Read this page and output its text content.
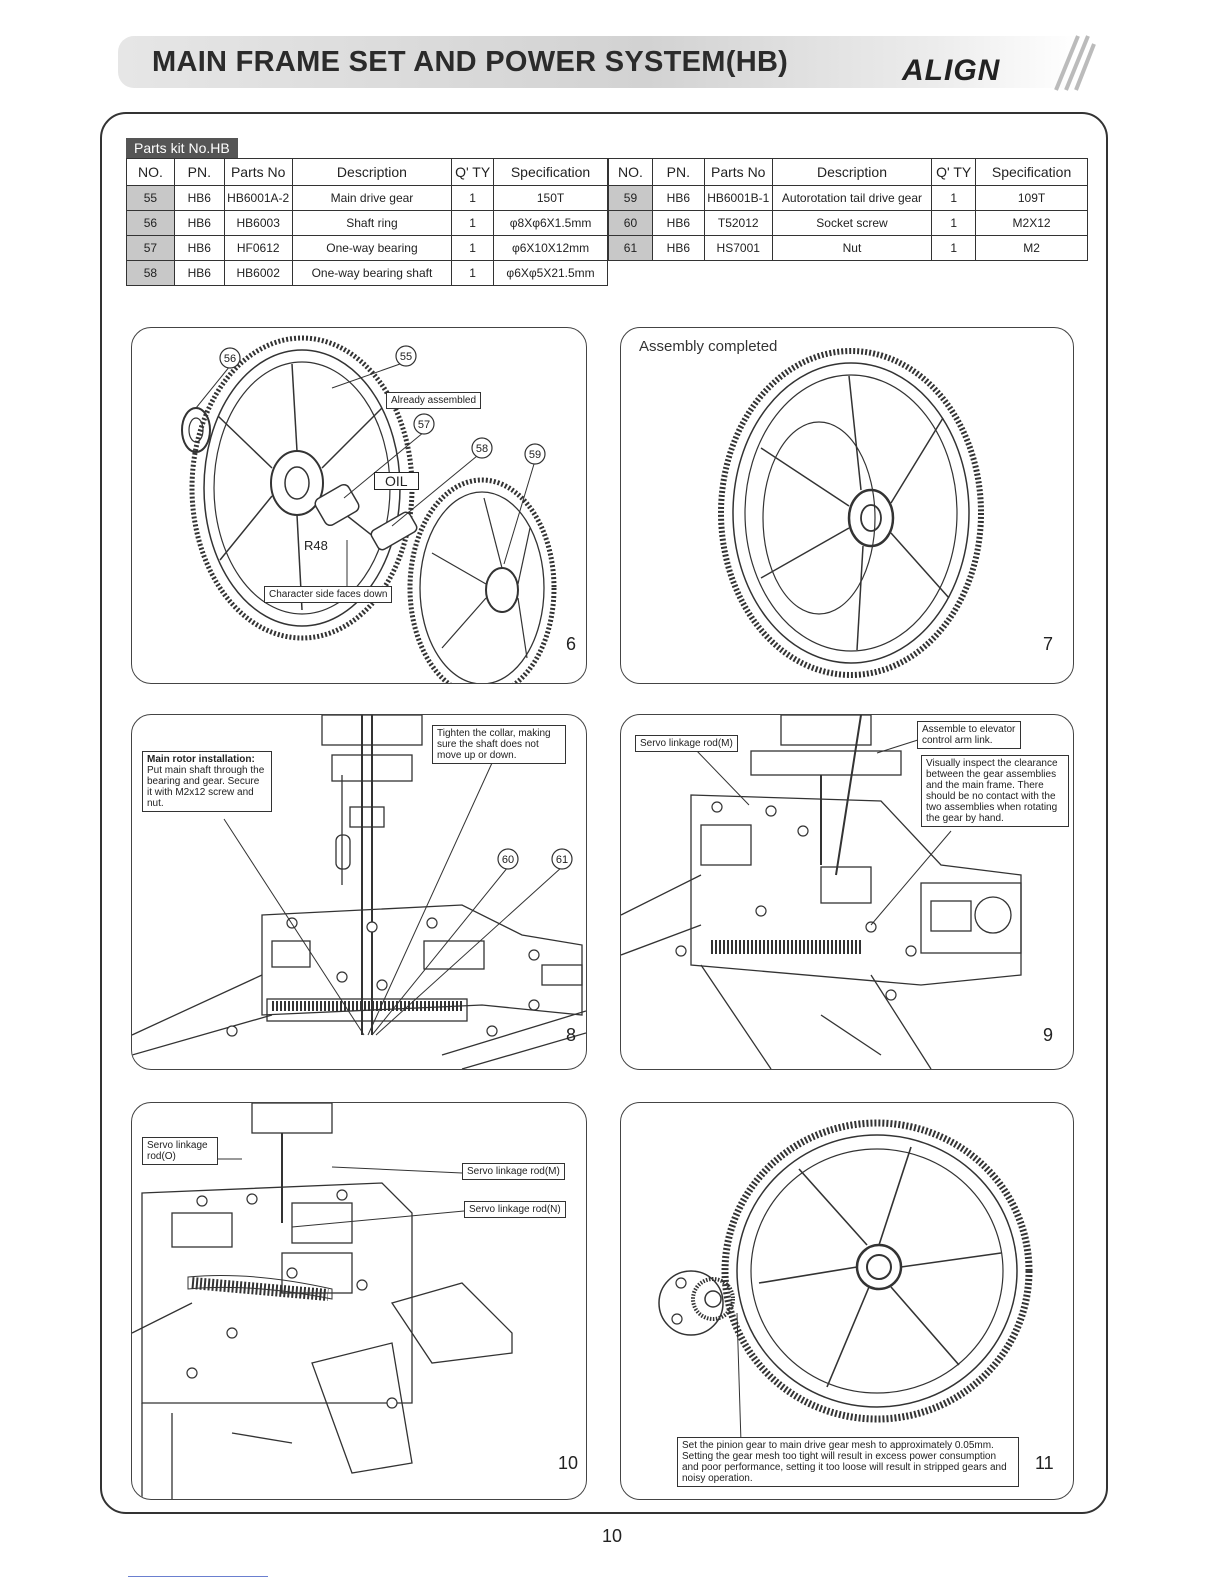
MAIN FRAME SET AND POWER SYSTEM(HB)	ALIGN
Parts kit No.HB
NO.	PN.	Parts No	Description	Q' TY	Specification
55	HB6	HB6001A-2	Main drive gear	1	150T
56	HB6	HB6003	Shaft ring	1	φ8Xφ6X1.5mm
57	HB6	HF0612	One-way bearing	1	φ6X10X12mm
58	HB6	HB6002	One-way bearing shaft	1	φ6Xφ5X21.5mm
NO.	PN.	Parts No	Description	Q' TY	Specification
59	HB6	HB6001B-1	Autorotation tail drive gear	1	109T
60	HB6	T52012	Socket screw	1	M2X12
61	HB6	HS7001	Nut	1	M2
56	55
57
58	59
Already assembled
OIL
R48
Character side faces down
6
Assembly completed
7
60	61
Main rotor installation:
Put main shaft through the bearing and gear. Secure it with M2x12 screw and nut.
Tighten the collar, making sure the shaft does not move up or down.
8
Servo linkage rod(M)
Assemble to elevator control arm link.
Visually inspect the clearance between the gear assemblies and the main frame. There should be no contact with the two assemblies when rotating the gear by hand.
9
Servo linkage rod(O)
Servo linkage rod(M)
Servo linkage rod(N)
10
Set the pinion gear to main drive gear mesh to approximately 0.05mm. Setting the gear mesh too tight will result in excess power consumption and poor performance, setting it too loose will result in stripped gears and noisy operation.
11
10
